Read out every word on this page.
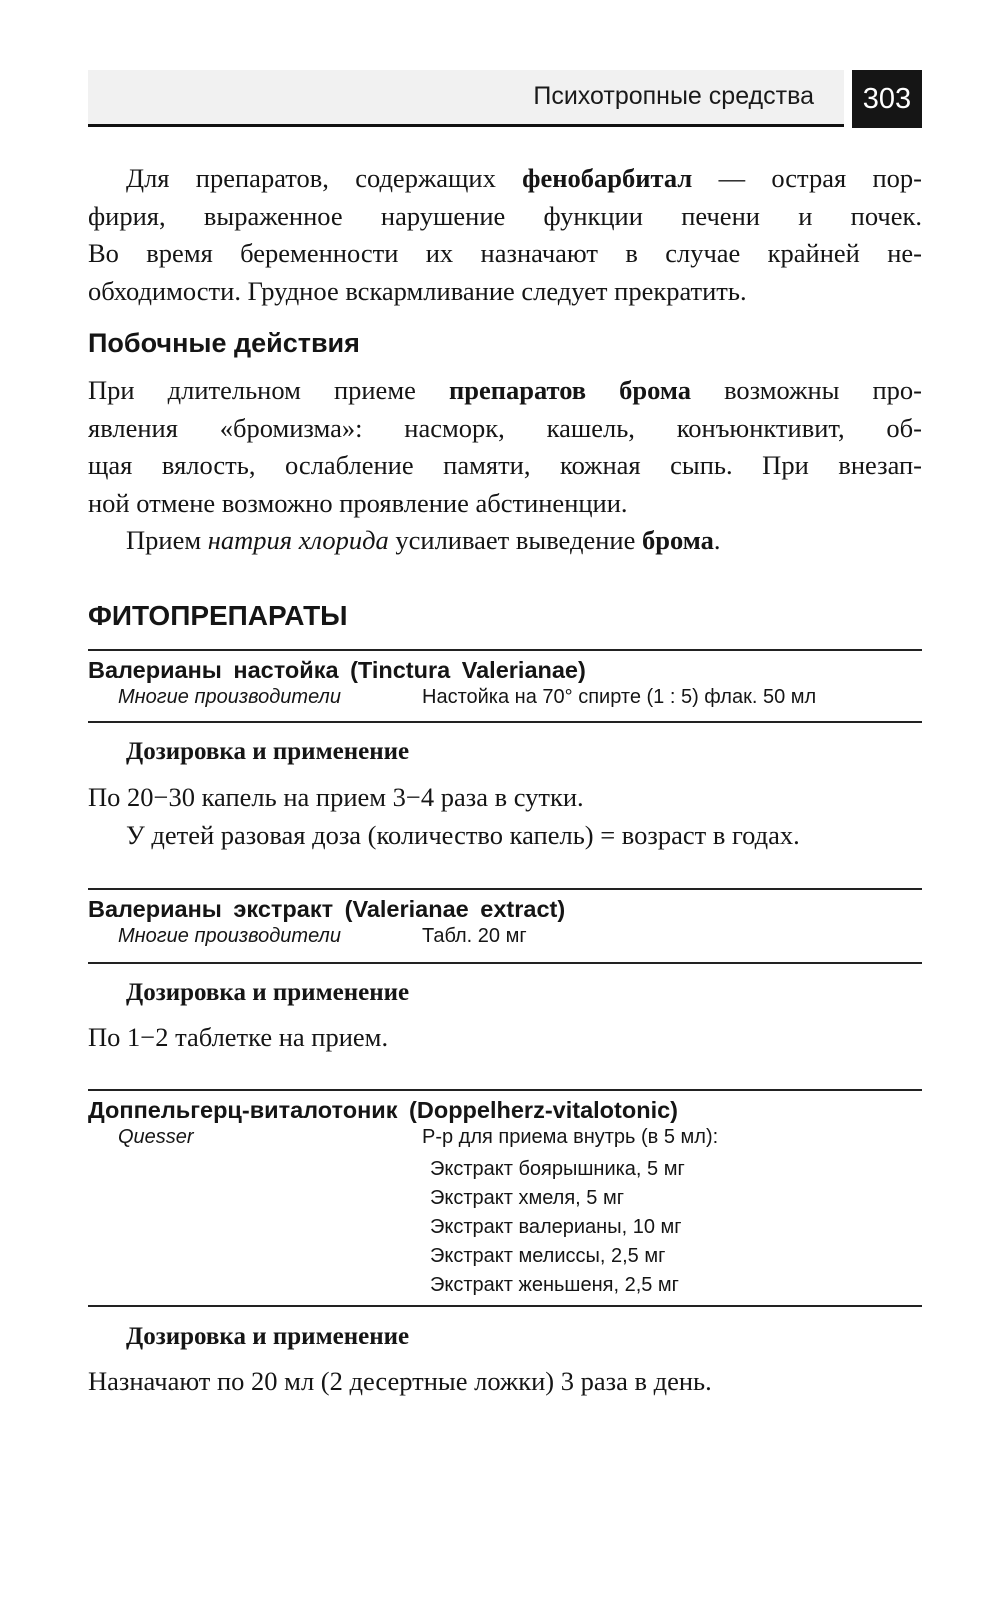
Психотропные средства	303
Для препаратов, содержащих фенобарбитал — острая пор-
фирия, выраженное нарушение функции печени и почек.
Во время беременности их назначают в случае крайней не-
обходимости. Грудное вскармливание следует прекратить.
Побочные действия
При длительном приеме препаратов брома возможны про-
явления «бромизма»: насморк, кашель, конъюнктивит, об-
щая вялость, ослабление памяти, кожная сыпь. При внезап-
ной отмене возможно проявление абстиненции.
Прием натрия хлорида усиливает выведение брома.
ФИТОПРЕПАРАТЫ
Валерианы настойка (Tinctura Valerianae)
Многие производители	Настойка на 70° спирте (1 : 5) флак. 50 мл
Дозировка и применение
По 20−30 капель на прием 3−4 раза в сутки.
У детей разовая доза (количество капель) = возраст в годах.
Валерианы экстракт (Valerianae extract)
Многие производители	Табл. 20 мг
Дозировка и применение
По 1−2 таблетке на прием.
Доппельгерц-виталотоник (Doppelherz-vitalotonic)
Quesser	Р-р для приема внутрь (в 5 мл):
Экстракт боярышника, 5 мг
Экстракт хмеля, 5 мг
Экстракт валерианы, 10 мг
Экстракт мелиссы, 2,5 мг
Экстракт женьшеня, 2,5 мг
Дозировка и применение
Назначают по 20 мл (2 десертные ложки) 3 раза в день.
